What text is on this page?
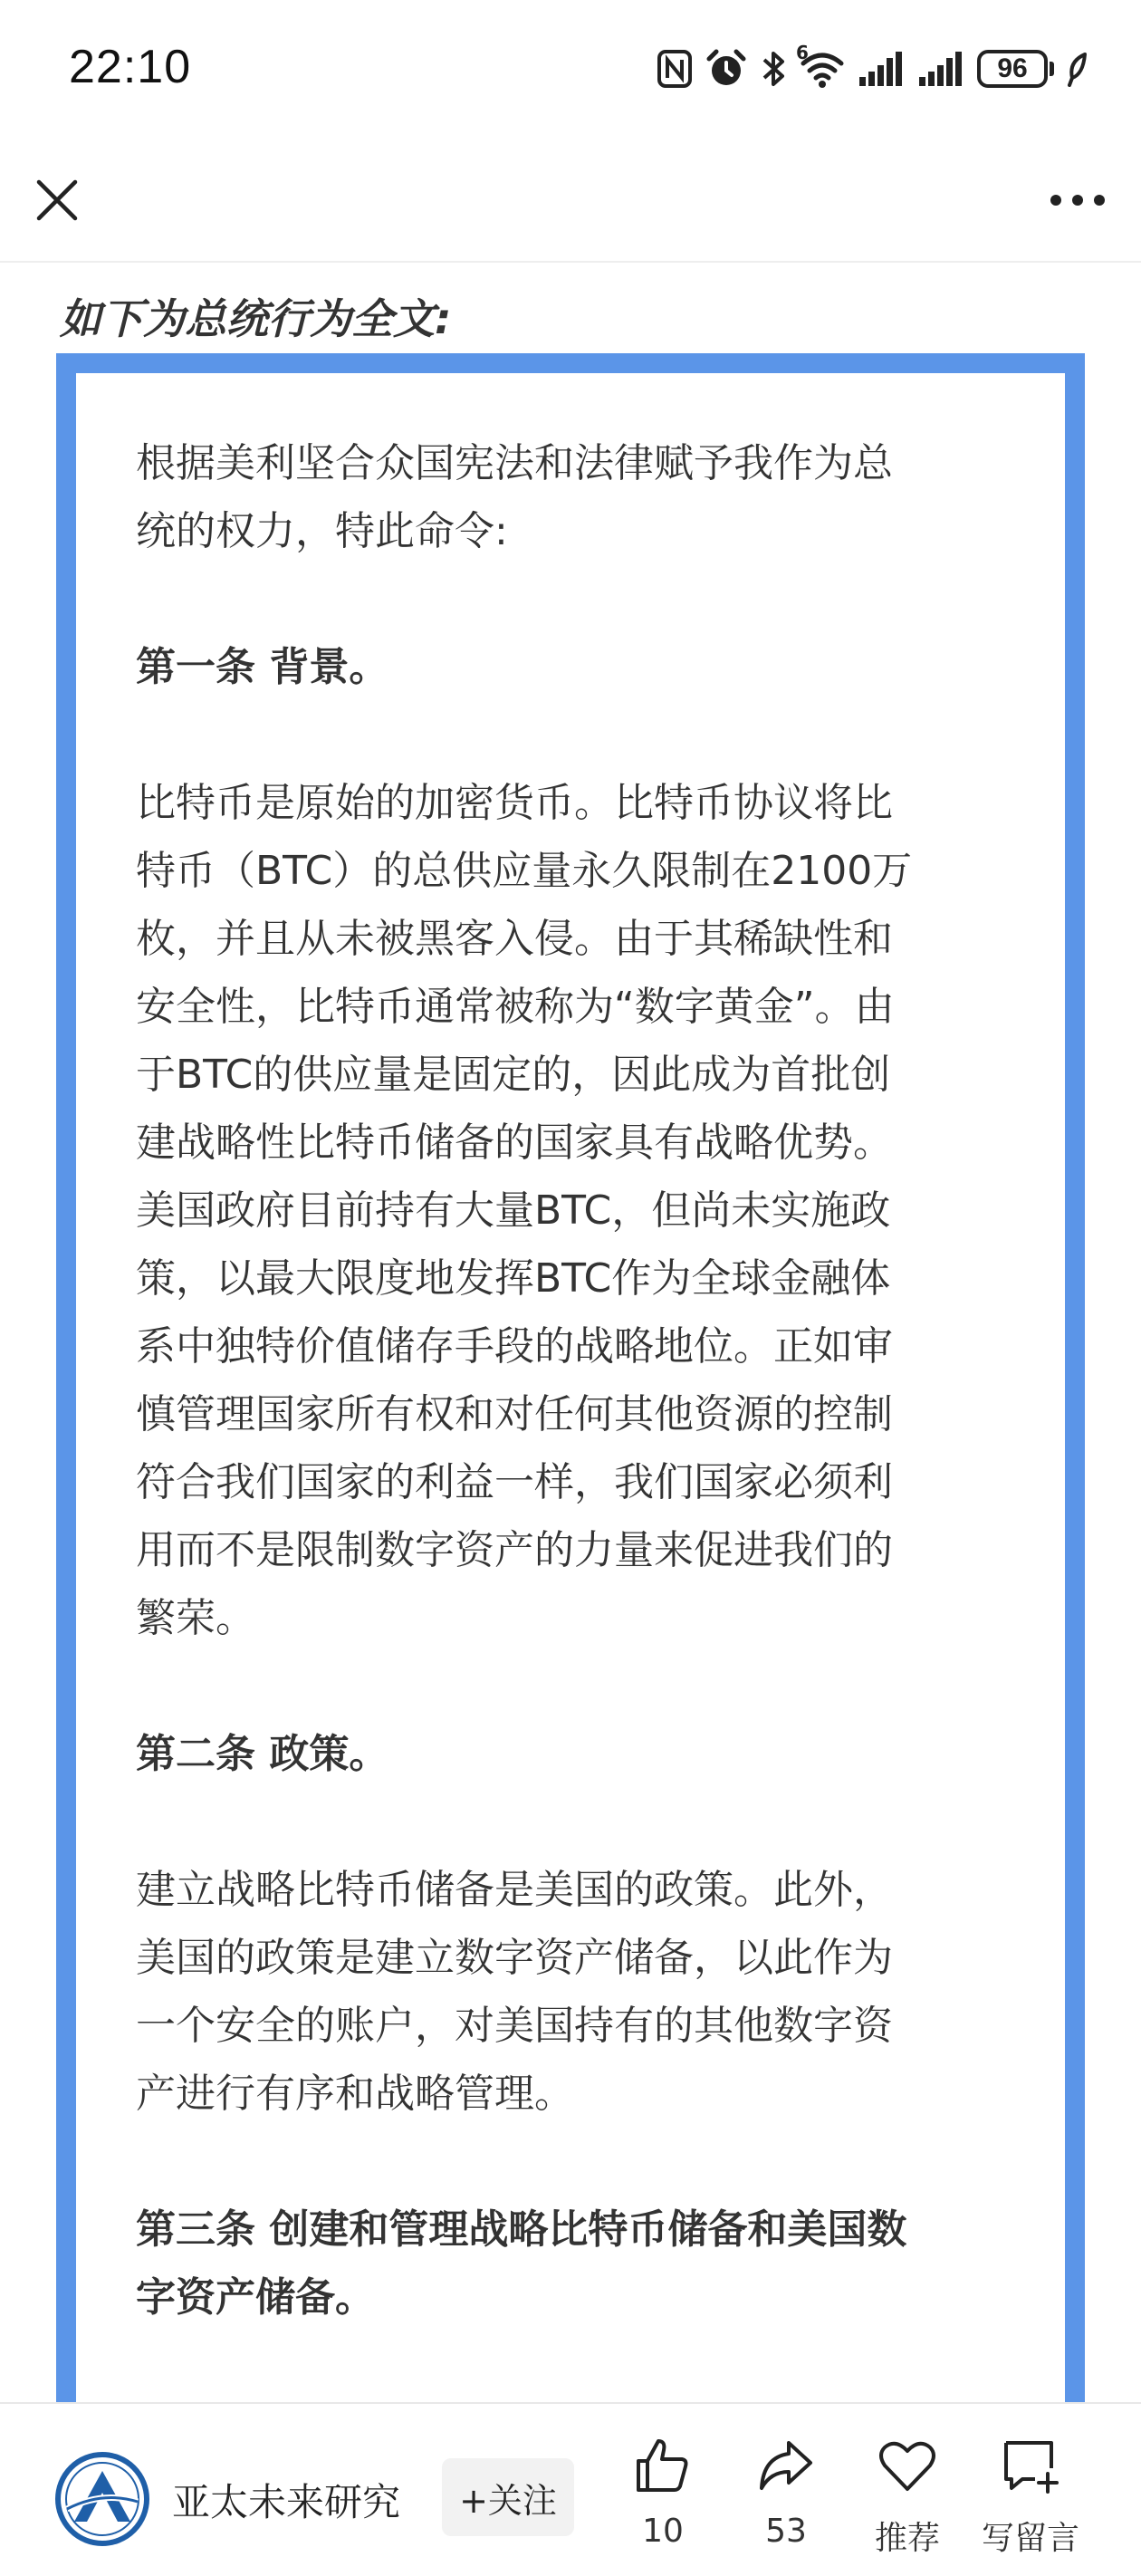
22:10	6
96
如下为总统行为全文:

根据美利坚合众国宪法和法律赋予我作为总

统的权力，特此命令:

第一条 背景。

比特币是原始的加密货币。比特币协议将比

特币（BTC）的总供应量永久限制在2100万

枚，并且从未被黑客入侵。由于其稀缺性和

安全性，比特币通常被称为“数字黄金”。由

于BTC的供应量是固定的，因此成为首批创

建战略性比特币储备的国家具有战略优势。

美国政府目前持有大量BTC，但尚未实施政

策，以最大限度地发挥BTC作为全球金融体

系中独特价值储存手段的战略地位。正如审

慎管理国家所有权和对任何其他资源的控制

符合我们国家的利益一样，我们国家必须利

用而不是限制数字资产的力量来促进我们的

繁荣。

第二条 政策。

建立战略比特币储备是美国的政策。此外，

美国的政策是建立数字资产储备，以此作为

一个安全的账户，对美国持有的其他数字资

产进行有序和战略管理。

第三条 创建和管理战略比特币储备和美国数

字资产储备。

亚太未来研究	+关注
10	53 推荐 写留言
